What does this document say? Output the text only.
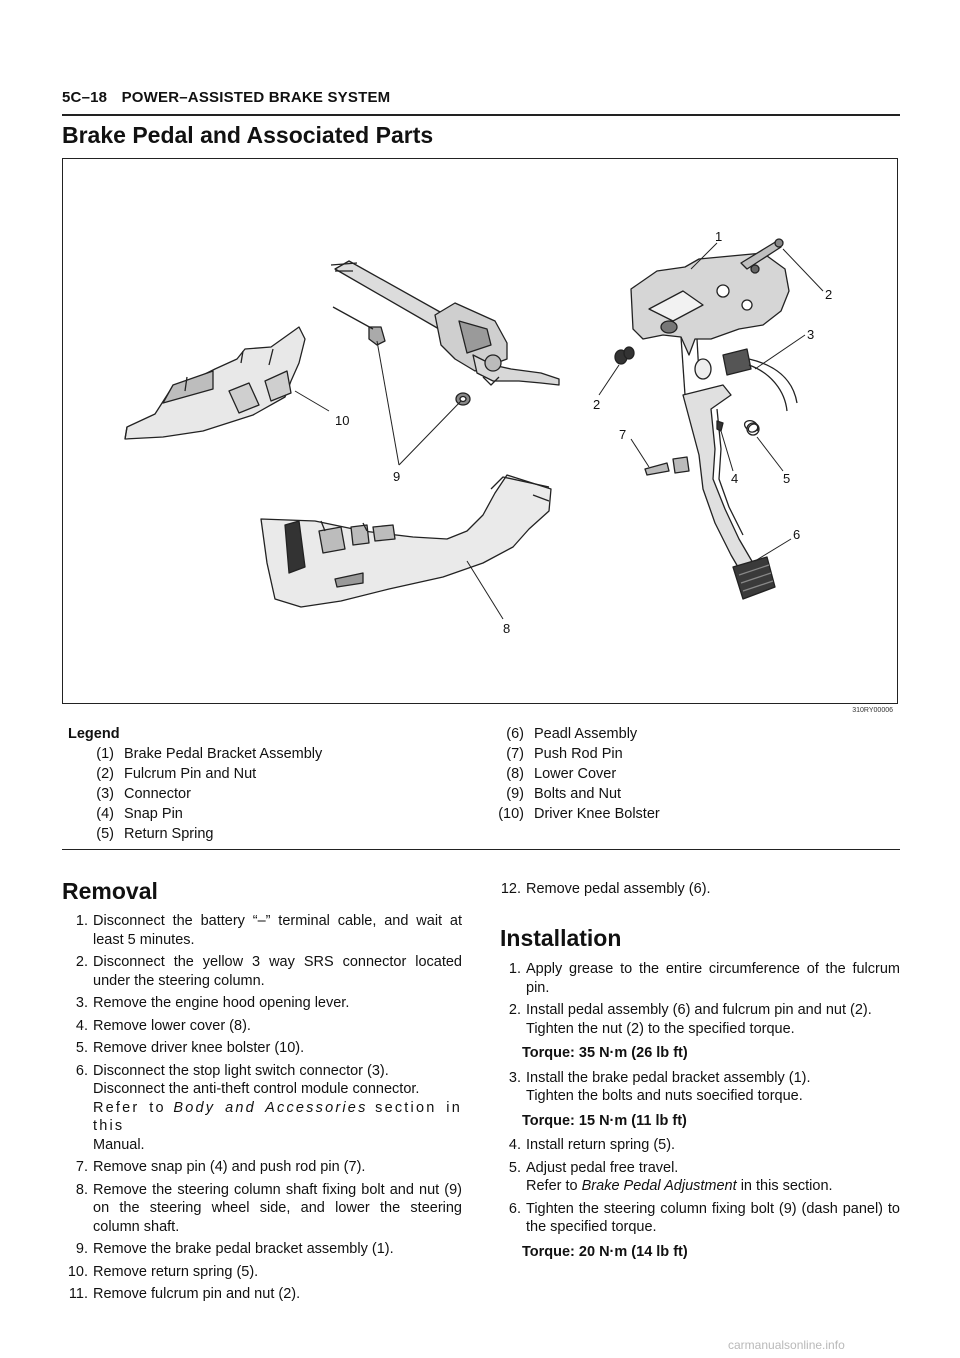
5C–18 POWER–ASSISTED BRAKE SYSTEM
Brake Pedal and Associated Parts
1
2
3
2
7
4	5
6
10
9
8
310RY00006
Legend
(1) Brake Pedal Bracket Assembly
(2) Fulcrum Pin and Nut
(3) Connector
(4) Snap Pin
(5) Return Spring
(6) Peadl Assembly
(7) Push Rod Pin
(8) Lower Cover
(9) Bolts and Nut
(10) Driver Knee Bolster
Removal
1. Disconnect the battery “–” terminal cable, and wait at least 5 minutes.
2. Disconnect the yellow 3 way SRS connector located under the steering column.
3. Remove the engine hood opening lever.
4. Remove lower cover (8).
5. Remove driver knee bolster (10).
6. Disconnect the stop light switch connector (3).
Disconnect the anti-theft control module connector.
Refer to Body and Accessories section in this
Manual.
7. Remove snap pin (4) and push rod pin (7).
8. Remove the steering column shaft fixing bolt and nut (9) on the steering wheel side, and lower the steering column shaft.
9. Remove the brake pedal bracket assembly (1).
10. Remove return spring (5).
11. Remove fulcrum pin and nut (2).
12. Remove pedal assembly (6).
Installation
1. Apply grease to the entire circumference of the fulcrum pin.
2. Install pedal assembly (6) and fulcrum pin and nut (2).
Tighten the nut (2) to the specified torque.
Torque: 35 N·m (26 lb ft)
3. Install the brake pedal bracket assembly (1).
Tighten the bolts and nuts soecified torque.
Torque: 15 N·m (11 lb ft)
4. Install return spring (5).
5. Adjust pedal free travel.
Refer to Brake Pedal Adjustment in this section.
6. Tighten the steering column fixing bolt (9) (dash panel) to the specified torque.
Torque: 20 N·m (14 lb ft)
carmanualsonline.info
